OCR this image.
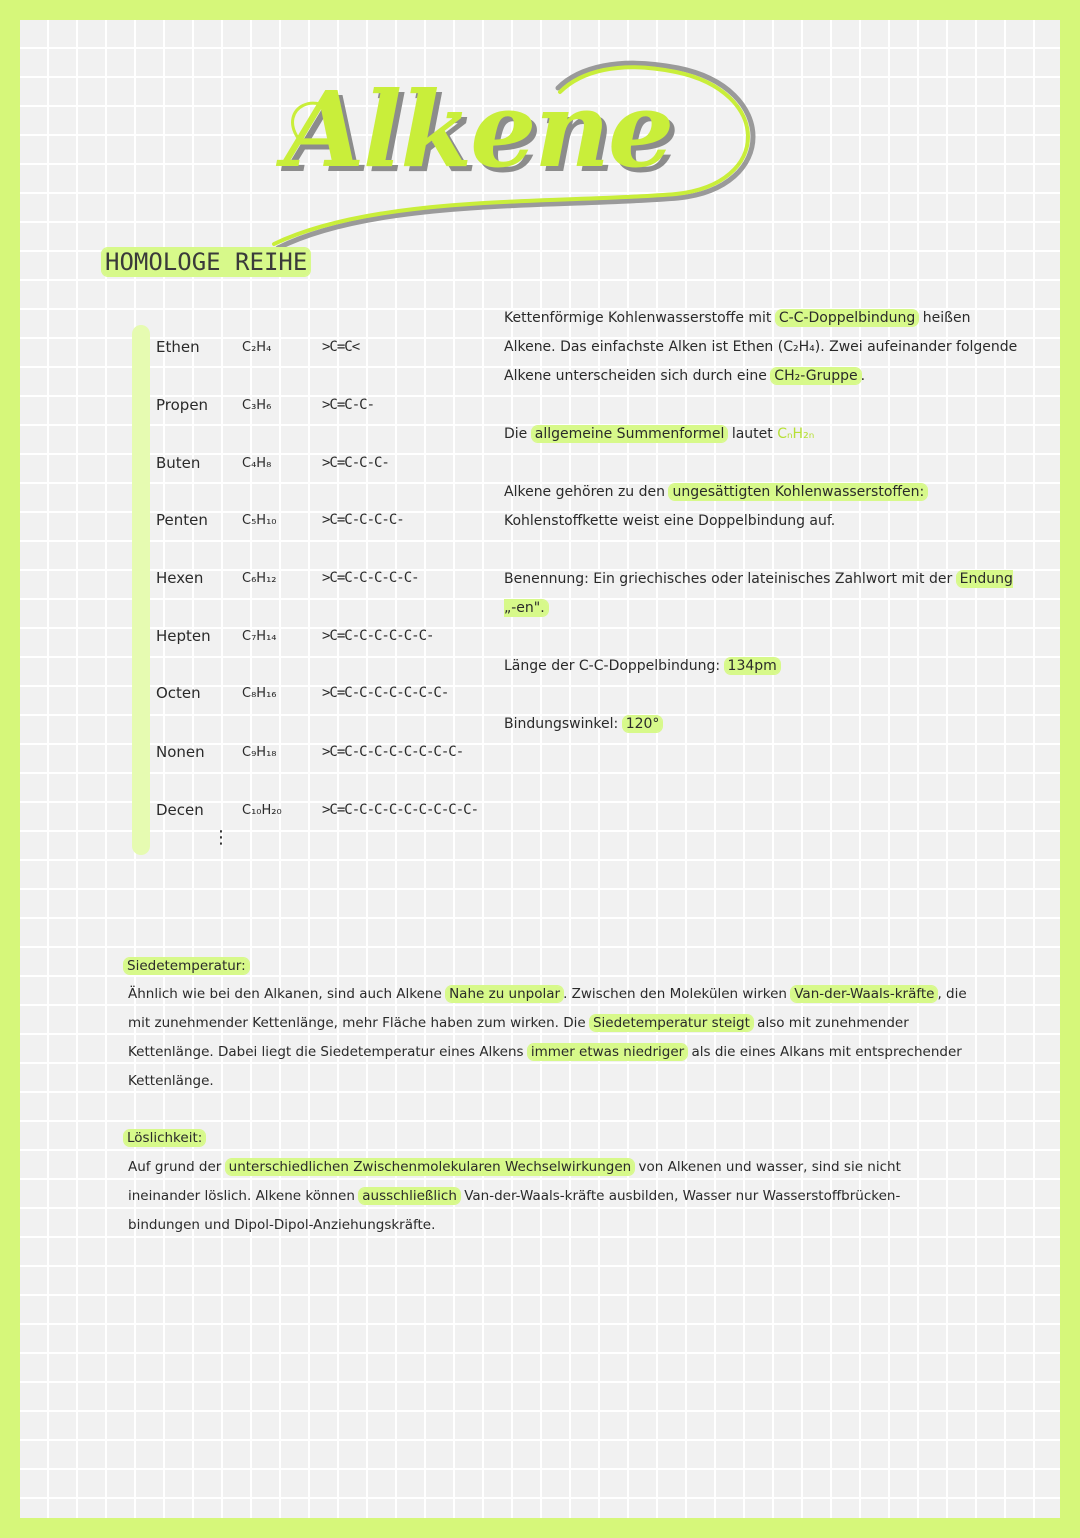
Alkene
HOMOLOGE REIHE
Ethen	C₂H₄	>C=C<
Propen	C₃H₆	>C=C-C-
Buten	C₄H₈	>C=C-C-C-
Penten	C₅H₁₀	>C=C-C-C-C-
Hexen	C₆H₁₂	>C=C-C-C-C-C-
Hepten	C₇H₁₄	>C=C-C-C-C-C-C-
Octen	C₈H₁₆	>C=C-C-C-C-C-C-C-
Nonen	C₉H₁₈	>C=C-C-C-C-C-C-C-C-
Decen	C₁₀H₂₀	>C=C-C-C-C-C-C-C-C-C-
⋮

Kettenförmige Kohlenwasserstoffe mit C-C-Doppelbindung heißen Alkene. Das einfachste Alken ist Ethen (C₂H₄). Zwei aufeinander folgende Alkene unterscheiden sich durch eine CH₂-Gruppe .

Die allgemeine Summenformel lautet CₙH₂ₙ

Alkene gehören zu den ungesättigten Kohlenwasserstoffen: Kohlenstoffkette weist eine Doppelbindung auf.

Benennung: Ein griechisches oder lateinisches Zahlwort mit der Endung „-en".

Länge der C-C-Doppelbindung: 134pm

Bindungswinkel: 120°

Siedetemperatur:
Ähnlich wie bei den Alkanen, sind auch Alkene Nahe zu unpolar . Zwischen den Molekülen wirken Van-der-Waals-kräfte , die mit zunehmender Kettenlänge, mehr Fläche haben zum wirken. Die Siedetemperatur steigt also mit zunehmender Kettenlänge. Dabei liegt die Siedetemperatur eines Alkens immer etwas niedriger als die eines Alkans mit entsprechender Kettenlänge.
Löslichkeit:
Auf grund der unterschiedlichen Zwischenmolekularen Wechselwirkungen von Alkenen und wasser, sind sie nicht ineinander löslich. Alkene können ausschließlich Van-der-Waals-kräfte ausbilden, Wasser nur Wasserstoffbrücken-bindungen und Dipol-Dipol-Anziehungskräfte.
